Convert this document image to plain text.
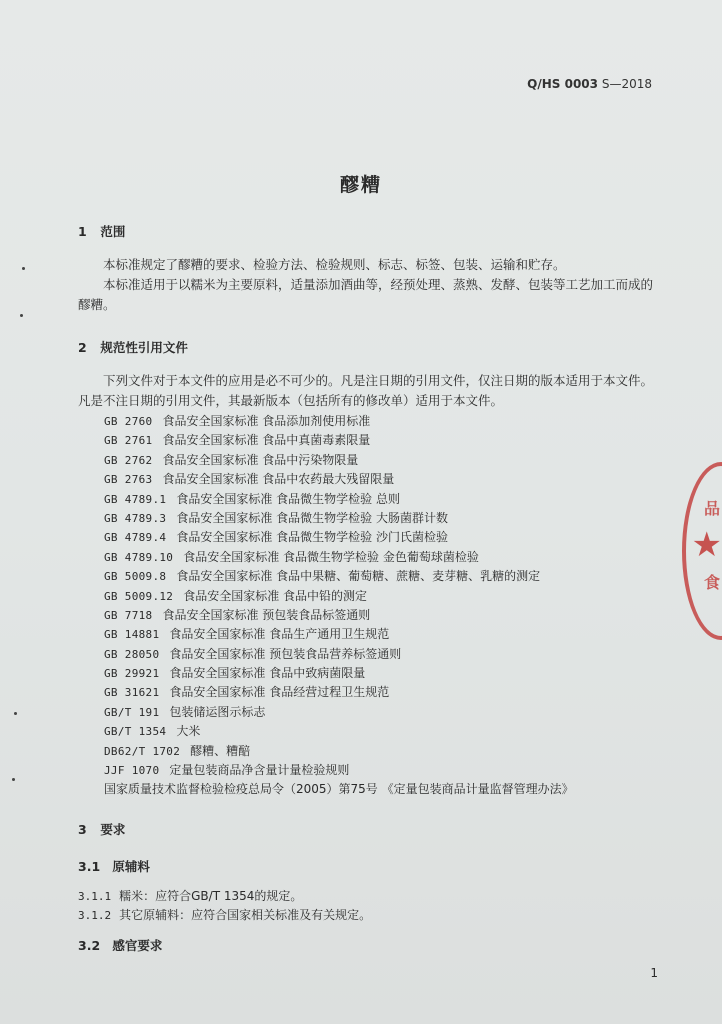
Q/HS 0003 S—2018
醪糟
1 范围
本标准规定了醪糟的要求、检验方法、检验规则、标志、标签、包装、运输和贮存。
本标准适用于以糯米为主要原料，适量添加酒曲等，经预处理、蒸熟、发酵、包装等工艺加工而成的醪糟。
2 规范性引用文件
下列文件对于本文件的应用是必不可少的。凡是注日期的引用文件，仅注日期的版本适用于本文件。凡是不注日期的引用文件，其最新版本（包括所有的修改单）适用于本文件。
GB 2760 食品安全国家标准 食品添加剂使用标准
GB 2761 食品安全国家标准 食品中真菌毒素限量
GB 2762 食品安全国家标准 食品中污染物限量
GB 2763 食品安全国家标准 食品中农药最大残留限量
GB 4789.1 食品安全国家标准 食品微生物学检验 总则
GB 4789.3 食品安全国家标准 食品微生物学检验 大肠菌群计数
GB 4789.4 食品安全国家标准 食品微生物学检验 沙门氏菌检验
GB 4789.10 食品安全国家标准 食品微生物学检验 金色葡萄球菌检验
GB 5009.8 食品安全国家标准 食品中果糖、葡萄糖、蔗糖、麦芽糖、乳糖的测定
GB 5009.12 食品安全国家标准 食品中铅的测定
GB 7718 食品安全国家标准 预包装食品标签通则
GB 14881 食品安全国家标准 食品生产通用卫生规范
GB 28050 食品安全国家标准 预包装食品营养标签通则
GB 29921 食品安全国家标准 食品中致病菌限量
GB 31621 食品安全国家标准 食品经营过程卫生规范
GB/T 191 包装储运图示标志
GB/T 1354 大米
DB62/T 1702 醪糟、糟醅
JJF 1070 定量包装商品净含量计量检验规则
国家质量技术监督检验检疫总局令（2005）第75号 《定量包装商品计量监督管理办法》
3 要求
3.1 原辅料
3.1.1 糯米：应符合GB/T 1354的规定。
3.1.2 其它原辅料：应符合国家相关标准及有关规定。
3.2 感官要求
1
品
★
食
